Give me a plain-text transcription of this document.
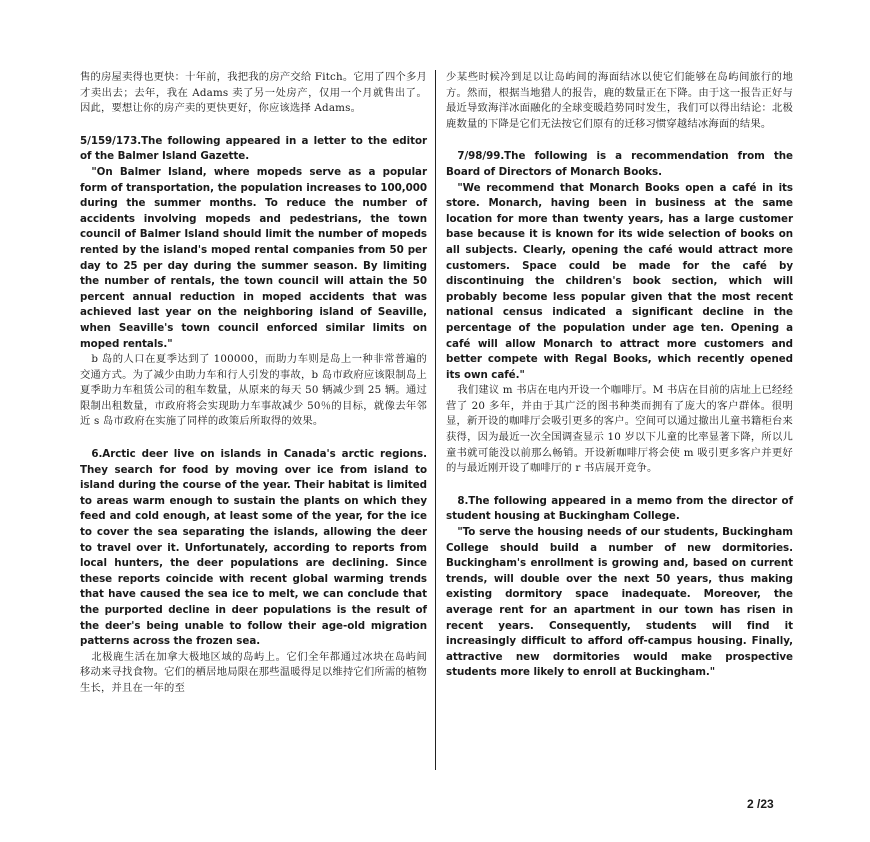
售的房屋卖得也更快：十年前，我把我的房产交给 Fitch。它用了四个多月才卖出去；去年，我在 Adams 卖了另一处房产，仅用一个月就售出了。因此，要想让你的房产卖的更快更好，你应该选择 Adams。

5/159/173.The following appeared in a letter to the editor of the Balmer Island Gazette.

"On Balmer Island, where mopeds serve as a popular form of transportation, the population increases to 100,000 during the summer months. To reduce the number of accidents involving mopeds and pedestrians, the town council of Balmer Island should limit the number of mopeds rented by the island's moped rental companies from 50 per day to 25 per day during the summer season. By limiting the number of rentals, the town council will attain the 50 percent annual reduction in moped accidents that was achieved last year on the neighboring island of Seaville, when Seaville's town council enforced similar limits on moped rentals."

b 岛的人口在夏季达到了 100000，而助力车则是岛上一种非常普遍的交通方式。为了减少由助力车和行人引发的事故，b 岛市政府应该限制岛上夏季助力车租赁公司的租车数量，从原来的每天 50 辆减少到 25 辆。通过限制出租数量，市政府将会实现助力车事故减少 50％的目标，就像去年邻近 s 岛市政府在实施了同样的政策后所取得的效果。

6.Arctic deer live on islands in Canada's arctic regions. They search for food by moving over ice from island to island during the course of the year. Their habitat is limited to areas warm enough to sustain the plants on which they feed and cold enough, at least some of the year, for the ice to cover the sea separating the islands, allowing the deer to travel over it. Unfortunately, according to reports from local hunters, the deer populations are declining. Since these reports coincide with recent global warming trends that have caused the sea ice to melt, we can conclude that the purported decline in deer populations is the result of the deer's being unable to follow their age-old migration patterns across the frozen sea.

北极鹿生活在加拿大极地区域的岛屿上。它们全年都通过冰块在岛屿间移动来寻找食物。它们的栖居地局限在那些温暖得足以维持它们所需的植物生长，并且在一年的至

少某些时候冷到足以让岛屿间的海面结冰以使它们能够在岛屿间旅行的地方。然而，根据当地猎人的报告，鹿的数量正在下降。由于这一报告正好与最近导致海洋冰面融化的全球变暖趋势同时发生，我们可以得出结论：北极鹿数量的下降是它们无法按它们原有的迁移习惯穿越结冰海面的结果。

7/98/99.The following is a recommendation from the Board of Directors of Monarch Books.

"We recommend that Monarch Books open a café in its store. Monarch, having been in business at the same location for more than twenty years, has a large customer base because it is known for its wide selection of books on all subjects. Clearly, opening the café would attract more customers. Space could be made for the café by discontinuing the children's book section, which will probably become less popular given that the most recent national census indicated a significant decline in the percentage of the population under age ten. Opening a café will allow Monarch to attract more customers and better compete with Regal Books, which recently opened its own café."

我们建议 m 书店在电内开设一个咖啡厅。M 书店在目前的店址上已经经营了 20 多年，并由于其广泛的图书种类而拥有了庞大的客户群体。很明显，新开设的咖啡厅会吸引更多的客户。空间可以通过撤出儿童书籍柜台来获得，因为最近一次全国调查显示 10 岁以下儿童的比率显著下降，所以儿童书就可能没以前那么畅销。开设新咖啡厅将会使 m 吸引更多客户并更好的与最近刚开设了咖啡厅的 r 书店展开竞争。

8.The following appeared in a memo from the director of student housing at Buckingham College.

"To serve the housing needs of our students, Buckingham College should build a number of new dormitories. Buckingham's enrollment is growing and, based on current trends, will double over the next 50 years, thus making existing dormitory space inadequate. Moreover, the average rent for an apartment in our town has risen in recent years. Consequently, students will find it increasingly difficult to afford off-campus housing. Finally, attractive new dormitories would make prospective students more likely to enroll at Buckingham."

2 /23
